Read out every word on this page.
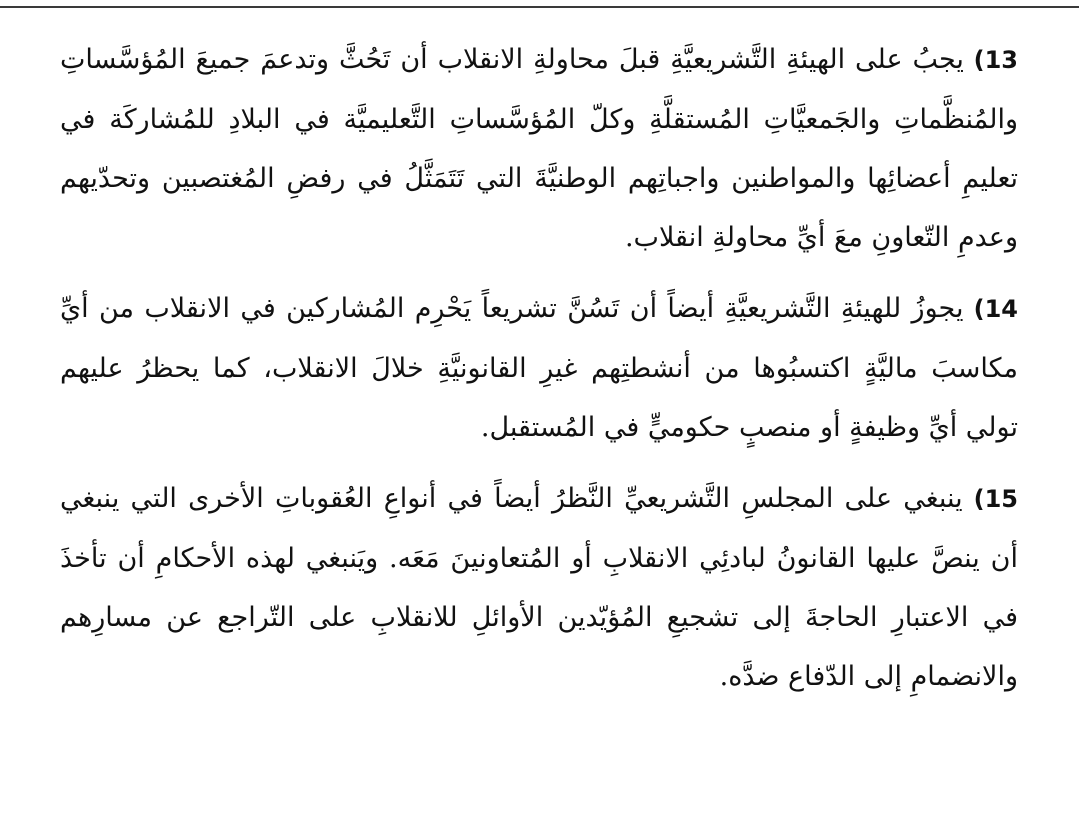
13) يجبُ على الهيئةِ التَّشريعيَّةِ قبلَ محاولةِ الانقلاب أن تَحُثَّ وتدعمَ جميعَ المُؤسَّساتِ والمُنظَّماتِ والجَمعيَّاتِ المُستقلَّةِ وكلّ المُؤسَّساتِ التَّعليميَّة في البلادِ للمُشاركَة في تعليمِ أعضائِها والمواطنين واجباتِهم الوطنيَّةَ التي تَتَمَثَّلُ في رفضِ المُغتصبين وتحدّيهم وعدمِ التّعاونِ معَ أيِّ محاولةِ انقلاب.

14) يجوزُ للهيئةِ التَّشريعيَّةِ أيضاً أن تَسُنَّ تشريعاً يَحْرِم المُشاركين في الانقلاب من أيِّ مكاسبَ ماليَّةٍ اكتسبُوها من أنشطتِهم غيرِ القانونيَّةِ خلالَ الانقلاب، كما يحظرُ عليهم تولي أيِّ وظيفةٍ أو منصبٍ حكوميٍّ في المُستقبل.

15) ينبغي على المجلسِ التَّشريعيِّ النَّظرُ أيضاً في أنواعِ العُقوباتِ الأخرى التي ينبغي أن ينصَّ عليها القانونُ لبادئِي الانقلابِ أو المُتعاونينَ مَعَه. ويَنبغي لهذه الأحكامِ أن تأخذَ في الاعتبارِ الحاجةَ إلى تشجيعِ المُؤيّدين الأوائلِ للانقلابِ على التّراجع عن مسارِهم والانضمامِ إلى الدّفاع ضدَّه.
